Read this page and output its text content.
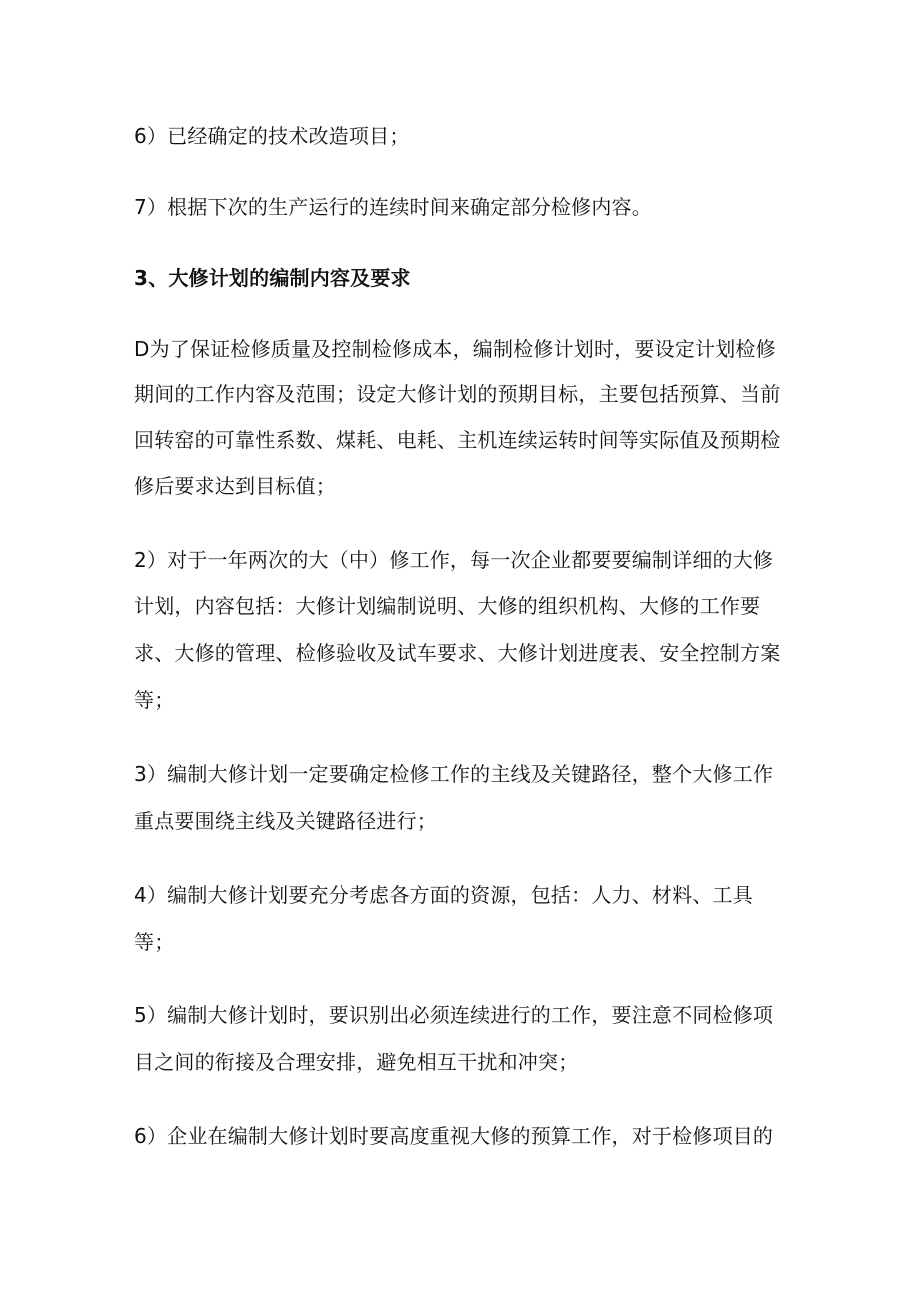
6）已经确定的技术改造项目；

7）根据下次的生产运行的连续时间来确定部分检修内容。

3、大修计划的编制内容及要求

D为了保证检修质量及控制检修成本，编制检修计划时，要设定计划检修

期间的工作内容及范围；设定大修计划的预期目标，主要包括预算、当前

回转窑的可靠性系数、煤耗、电耗、主机连续运转时间等实际值及预期检

修后要求达到目标值；

2）对于一年两次的大（中）修工作，每一次企业都要要编制详细的大修

计划，内容包括：大修计划编制说明、大修的组织机构、大修的工作要

求、大修的管理、检修验收及试车要求、大修计划进度表、安全控制方案

等；

3）编制大修计划一定要确定检修工作的主线及关键路径，整个大修工作

重点要围绕主线及关键路径进行；

4）编制大修计划要充分考虑各方面的资源，包括：人力、材料、工具

等；

5）编制大修计划时，要识别出必须连续进行的工作，要注意不同检修项

目之间的衔接及合理安排，避免相互干扰和冲突；

6）企业在编制大修计划时要高度重视大修的预算工作，对于检修项目的
